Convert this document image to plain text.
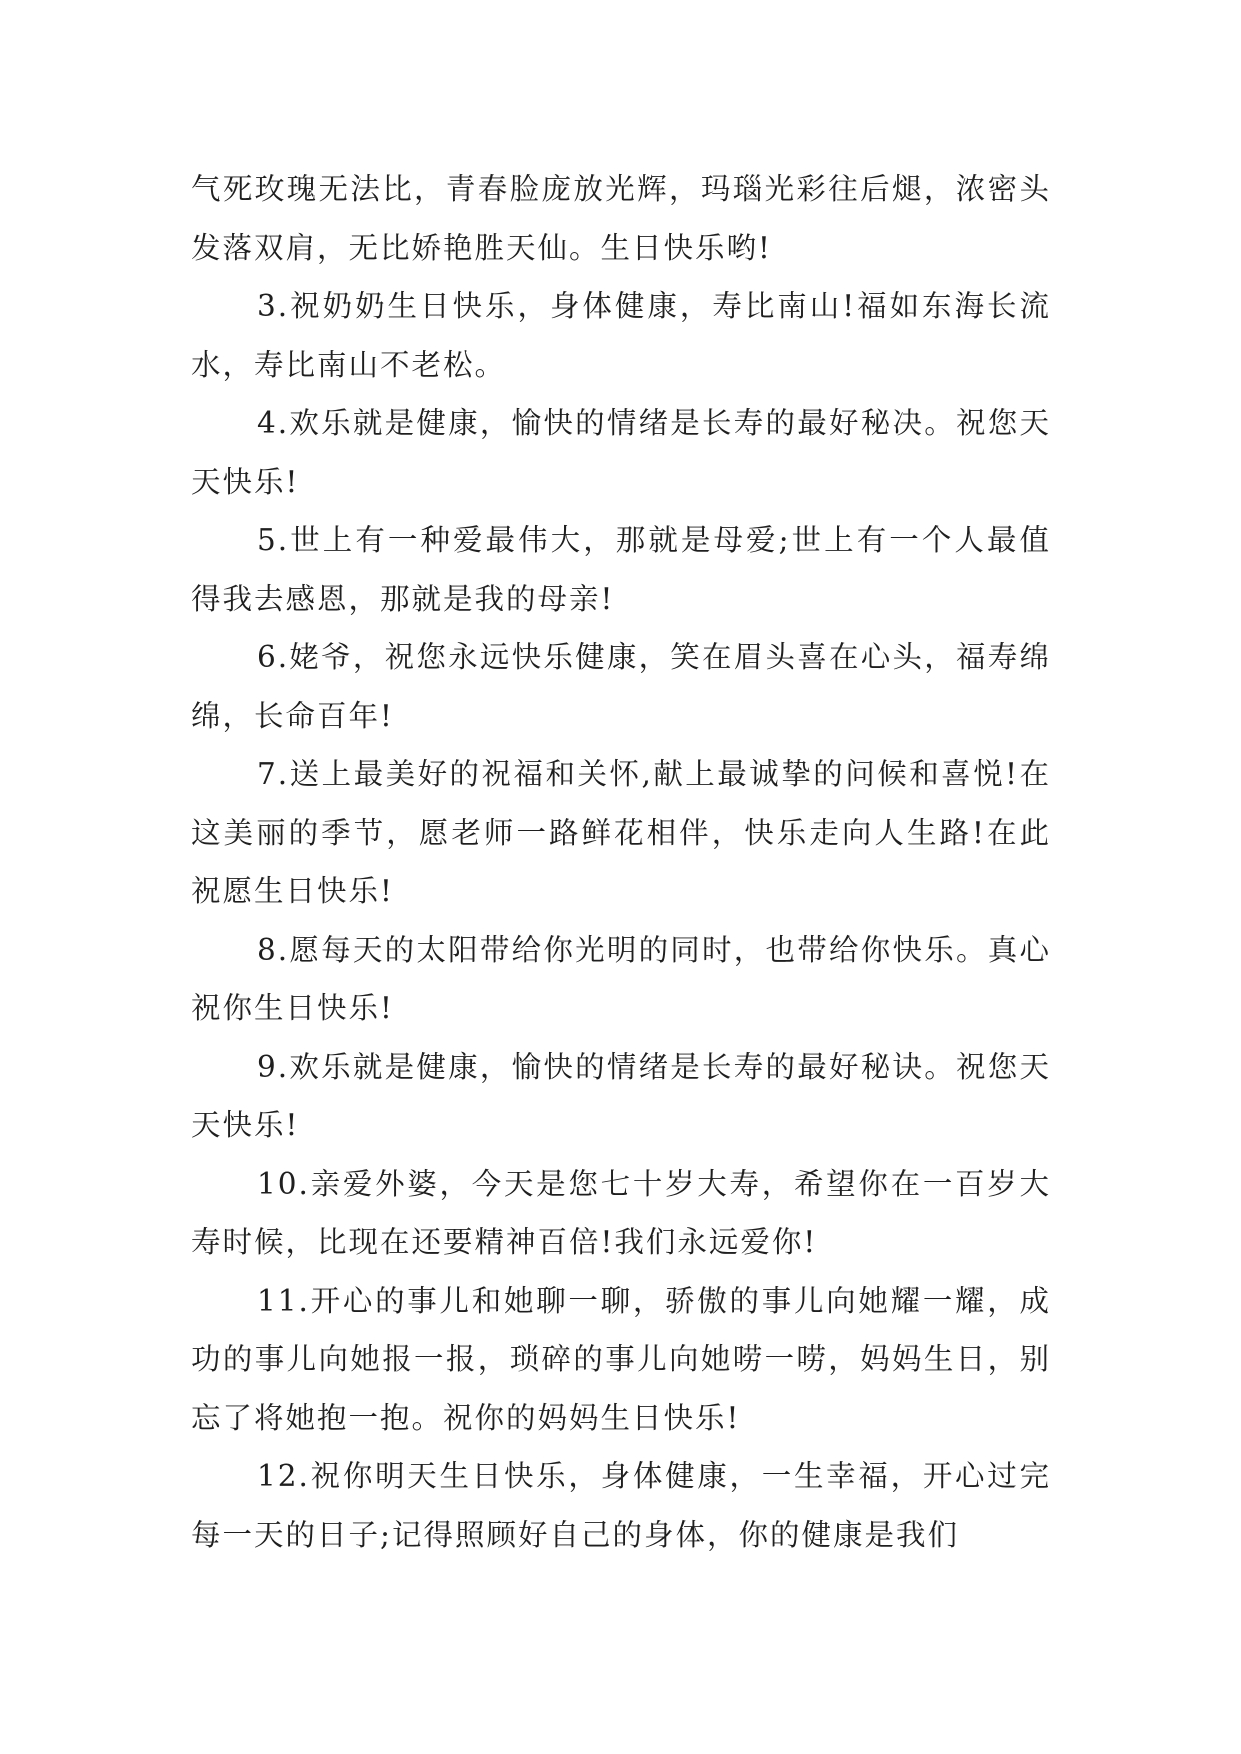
气死玫瑰无法比，青春脸庞放光辉，玛瑙光彩往后煺，浓密头发落双肩，无比娇艳胜天仙。生日快乐哟!

3.祝奶奶生日快乐，身体健康，寿比南山!福如东海长流水，寿比南山不老松。

4.欢乐就是健康，愉快的情绪是长寿的最好秘决。祝您天天快乐!

5.世上有一种爱最伟大，那就是母爱;世上有一个人最值得我去感恩，那就是我的母亲!

6.姥爷，祝您永远快乐健康，笑在眉头喜在心头，福寿绵绵，长命百年!

7.送上最美好的祝福和关怀,献上最诚挚的问候和喜悦!在这美丽的季节，愿老师一路鲜花相伴，快乐走向人生路!在此祝愿生日快乐!

8.愿每天的太阳带给你光明的同时，也带给你快乐。真心祝你生日快乐!

9.欢乐就是健康，愉快的情绪是长寿的最好秘诀。祝您天天快乐!

10.亲爱外婆，今天是您七十岁大寿，希望你在一百岁大寿时候，比现在还要精神百倍!我们永远爱你!

11.开心的事儿和她聊一聊，骄傲的事儿向她耀一耀，成功的事儿向她报一报，琐碎的事儿向她唠一唠，妈妈生日，别忘了将她抱一抱。祝你的妈妈生日快乐!

12.祝你明天生日快乐，身体健康，一生幸福，开心过完每一天的日子;记得照顾好自己的身体，你的健康是我们
